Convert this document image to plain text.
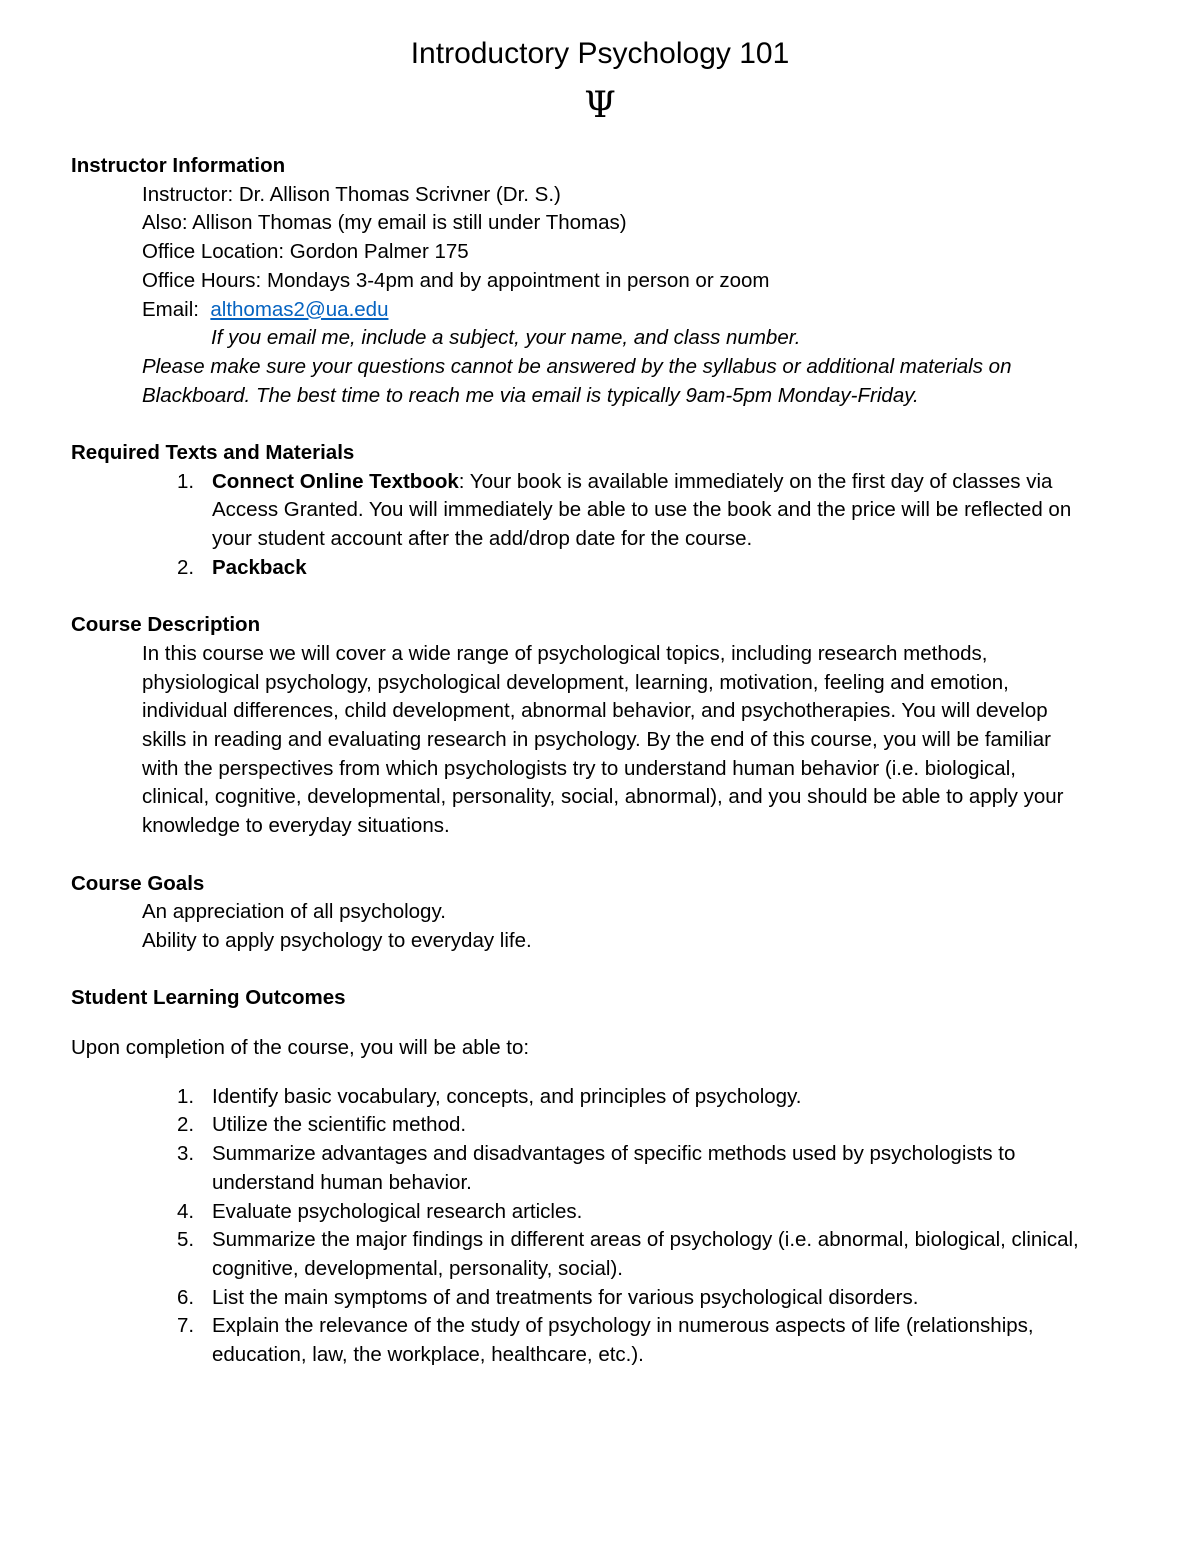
Introductory Psychology 101
Ψ

Instructor Information

Instructor: Dr. Allison Thomas Scrivner (Dr. S.)

Also: Allison Thomas (my email is still under Thomas)

Office Location: Gordon Palmer 175

Office Hours: Mondays 3-4pm and by appointment in person or zoom

Email: althomas2@ua.edu

If you email me, include a subject, your name, and class number.

Please make sure your questions cannot be answered by the syllabus or additional materials on

Blackboard. The best time to reach me via email is typically 9am-5pm Monday-Friday.

Required Texts and Materials

1. Connect Online Textbook: Your book is available immediately on the first day of classes via
Access Granted. You will immediately be able to use the book and the price will be reflected on
your student account after the add/drop date for the course.
2. Packback

Course Description

In this course we will cover a wide range of psychological topics, including research methods,

physiological psychology, psychological development, learning, motivation, feeling and emotion,

individual differences, child development, abnormal behavior, and psychotherapies. You will develop

skills in reading and evaluating research in psychology. By the end of this course, you will be familiar

with the perspectives from which psychologists try to understand human behavior (i.e. biological,

clinical, cognitive, developmental, personality, social, abnormal), and you should be able to apply your

knowledge to everyday situations.

Course Goals

An appreciation of all psychology.

Ability to apply psychology to everyday life.

Student Learning Outcomes

Upon completion of the course, you will be able to:

1. Identify basic vocabulary, concepts, and principles of psychology.
2. Utilize the scientific method.
3. Summarize advantages and disadvantages of specific methods used by psychologists to
understand human behavior.
4. Evaluate psychological research articles.
5. Summarize the major findings in different areas of psychology (i.e. abnormal, biological, clinical,
cognitive, developmental, personality, social).
6. List the main symptoms of and treatments for various psychological disorders.
7. Explain the relevance of the study of psychology in numerous aspects of life (relationships,
education, law, the workplace, healthcare, etc.).
